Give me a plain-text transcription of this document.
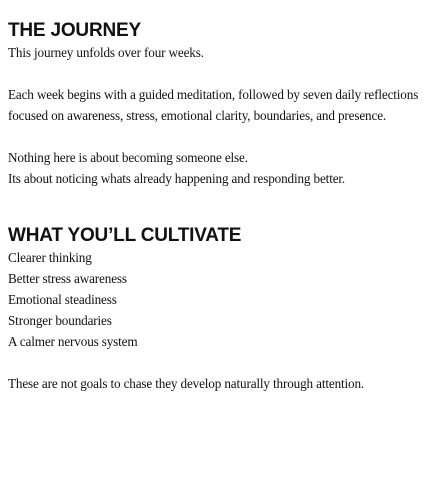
THE JOURNEY

This journey unfolds over four weeks.

Each week begins with a guided meditation, followed by seven daily reflections focused on awareness, stress, emotional clarity, boundaries, and presence.

Nothing here is about becoming someone else.

Its about noticing whats already happening and responding better.

WHAT YOU’LL CULTIVATE
Clearer thinking
Better stress awareness
Emotional steadiness
Stronger boundaries
A calmer nervous system

These are not goals to chase they develop naturally through attention.
